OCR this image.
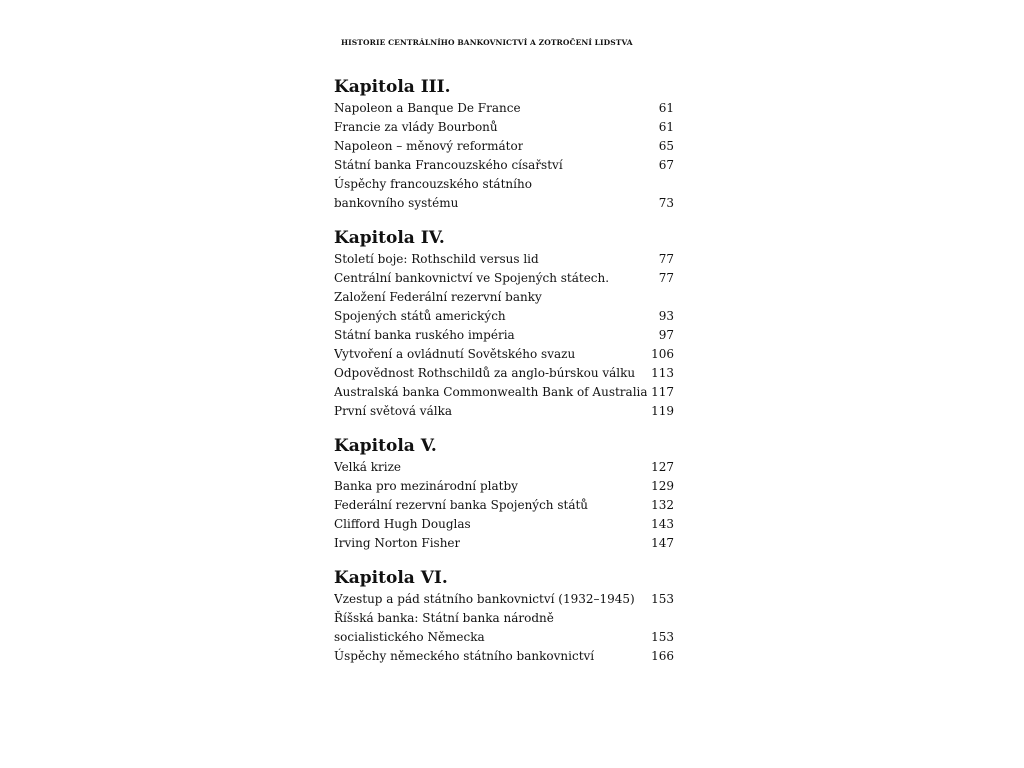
HISTORIE CENTRÁLNÍHO BANKOVNICTVÍ A ZOTROČENÍ LIDSTVA
Kapitola III.
Napoleon a Banque De France	61
Francie za vlády Bourbonů	61
Napoleon – měnový reformátor	65
Státní banka Francouzského císařství	67
Úspěchy francouzského státního
bankovního systému	73
Kapitola IV.
Století boje: Rothschild versus lid	77
Centrální bankovnictví ve Spojených státech.	77
Založení Federální rezervní banky
Spojených států amerických	93
Státní banka ruského impéria	97
Vytvoření a ovládnutí Sovětského svazu	106
Odpovědnost Rothschildů za anglo-búrskou válku	113
Australská banka Commonwealth Bank of Australia 117
První světová válka	119
Kapitola V.
Velká krize	127
Banka pro mezinárodní platby	129
Federální rezervní banka Spojených států	132
Clifford Hugh Douglas	143
Irving Norton Fisher	147
Kapitola VI.
Vzestup a pád státního bankovnictví (1932–1945)	153
Říšská banka: Státní banka národně
socialistického Německa	153
Úspěchy německého státního bankovnictví	166
